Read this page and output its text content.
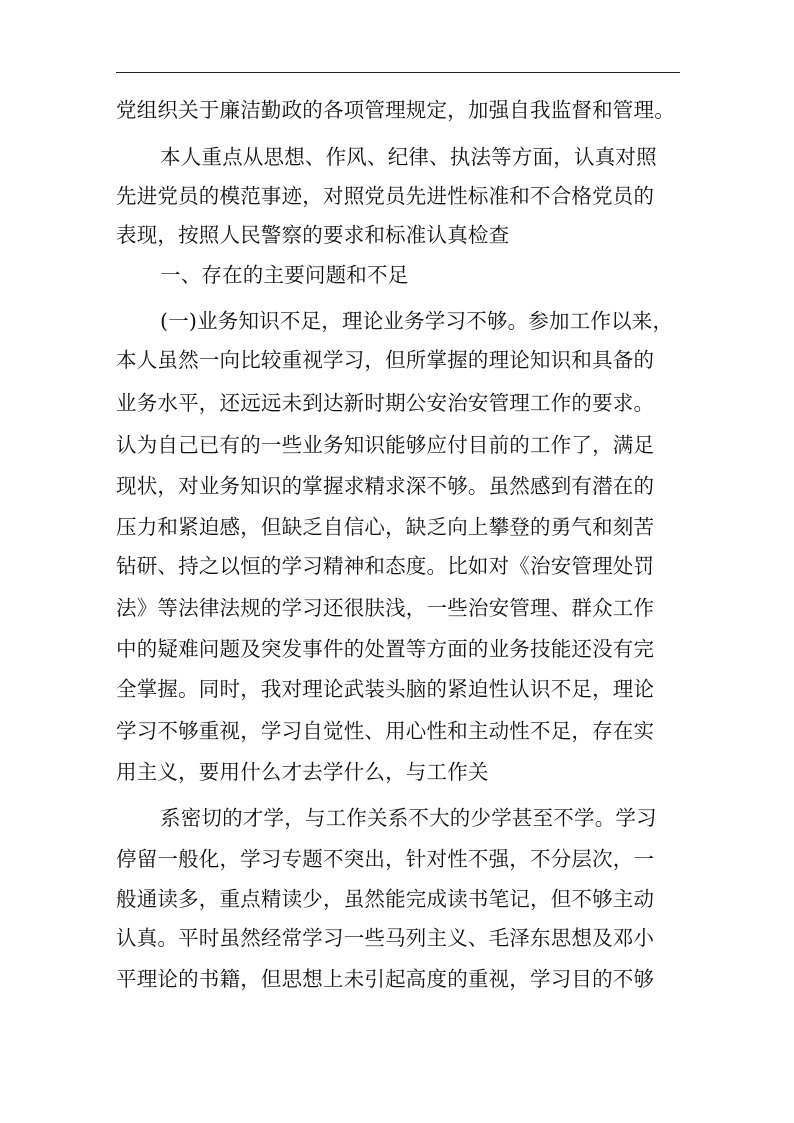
党组织关于廉洁勤政的各项管理规定，加强自我监督和管理。
本人重点从思想、作风、纪律、执法等方面，认真对照
先进党员的模范事迹，对照党员先进性标准和不合格党员的
表现，按照人民警察的要求和标准认真检查
一、存在的主要问题和不足
(一)业务知识不足，理论业务学习不够。参加工作以来，
本人虽然一向比较重视学习，但所掌握的理论知识和具备的
业务水平，还远远未到达新时期公安治安管理工作的要求。
认为自己已有的一些业务知识能够应付目前的工作了，满足
现状，对业务知识的掌握求精求深不够。虽然感到有潜在的
压力和紧迫感，但缺乏自信心，缺乏向上攀登的勇气和刻苦
钻研、持之以恒的学习精神和态度。比如对《治安管理处罚
法》等法律法规的学习还很肤浅，一些治安管理、群众工作
中的疑难问题及突发事件的处置等方面的业务技能还没有完
全掌握。同时，我对理论武装头脑的紧迫性认识不足，理论
学习不够重视，学习自觉性、用心性和主动性不足，存在实
用主义，要用什么才去学什么，与工作关
系密切的才学，与工作关系不大的少学甚至不学。学习
停留一般化，学习专题不突出，针对性不强，不分层次，一
般通读多，重点精读少，虽然能完成读书笔记，但不够主动
认真。平时虽然经常学习一些马列主义、毛泽东思想及邓小
平理论的书籍，但思想上未引起高度的重视，学习目的不够
